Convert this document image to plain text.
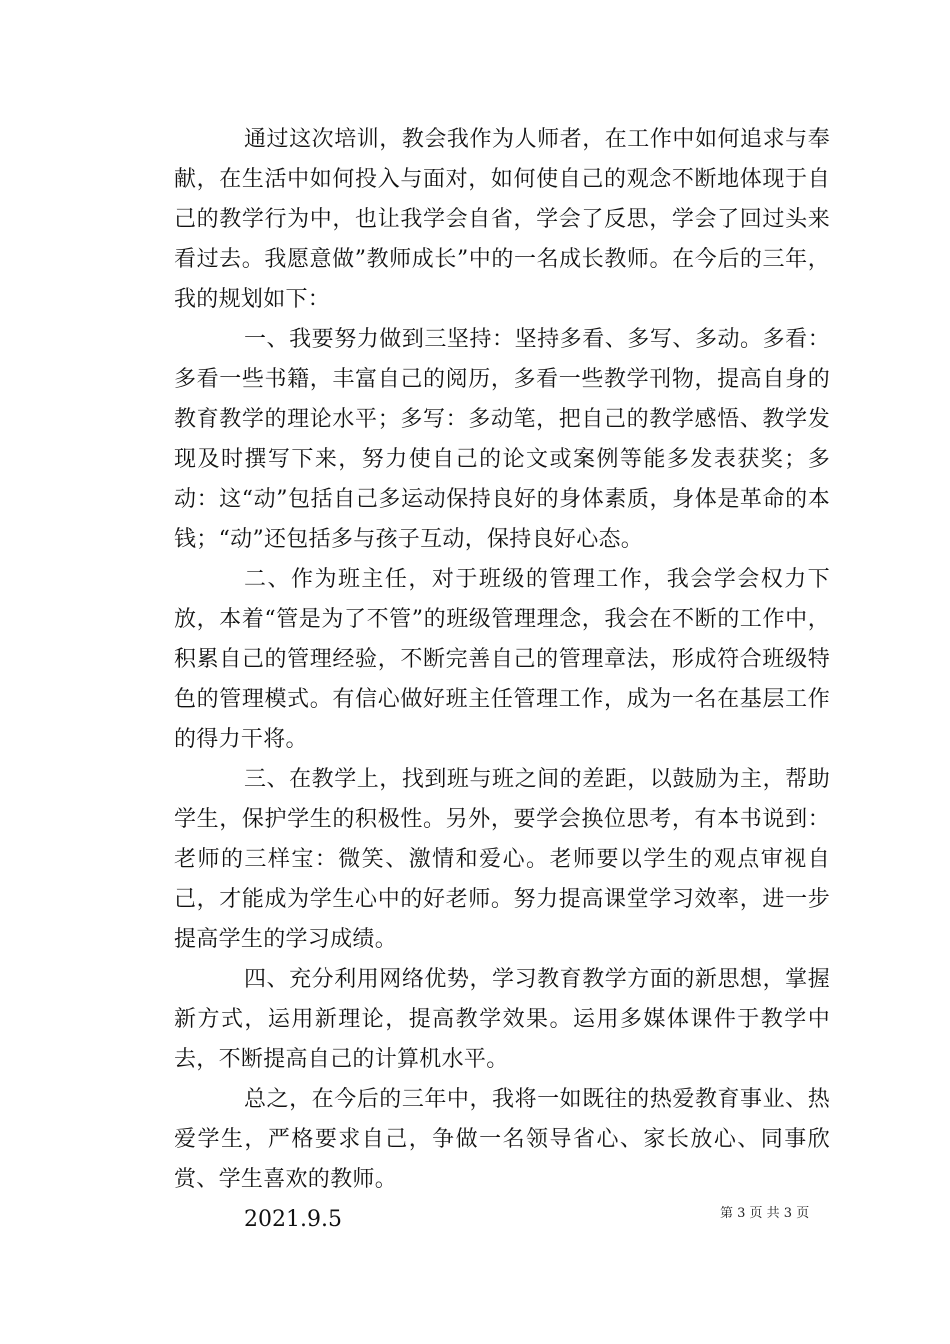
通过这次培训，教会我作为人师者，在工作中如何追求与奉献，在生活中如何投入与面对，如何使自己的观念不断地体现于自己的教学行为中，也让我学会自省，学会了反思，学会了回过头来看过去。我愿意做”教师成长”中的一名成长教师。在今后的三年，我的规划如下：

一、我要努力做到三坚持：坚持多看、多写、多动。多看：多看一些书籍，丰富自己的阅历，多看一些教学刊物，提高自身的教育教学的理论水平；多写：多动笔，把自己的教学感悟、教学发现及时撰写下来，努力使自己的论文或案例等能多发表获奖；多动：这“动”包括自己多运动保持良好的身体素质，身体是革命的本钱；“动”还包括多与孩子互动，保持良好心态。

二、作为班主任，对于班级的管理工作，我会学会权力下放，本着“管是为了不管”的班级管理理念，我会在不断的工作中，积累自己的管理经验，不断完善自己的管理章法，形成符合班级特色的管理模式。有信心做好班主任管理工作，成为一名在基层工作的得力干将。

三、在教学上，找到班与班之间的差距，以鼓励为主，帮助学生，保护学生的积极性。另外，要学会换位思考，有本书说到：老师的三样宝：微笑、激情和爱心。老师要以学生的观点审视自己，才能成为学生心中的好老师。努力提高课堂学习效率，进一步提高学生的学习成绩。

四、充分利用网络优势，学习教育教学方面的新思想，掌握新方式，运用新理论，提高教学效果。运用多媒体课件于教学中去，不断提高自己的计算机水平。

总之，在今后的三年中，我将一如既往的热爱教育事业、热爱学生，严格要求自己，争做一名领导省心、家长放心、同事欣赏、学生喜欢的教师。

2021.9.5	第 3 页 共 3 页
